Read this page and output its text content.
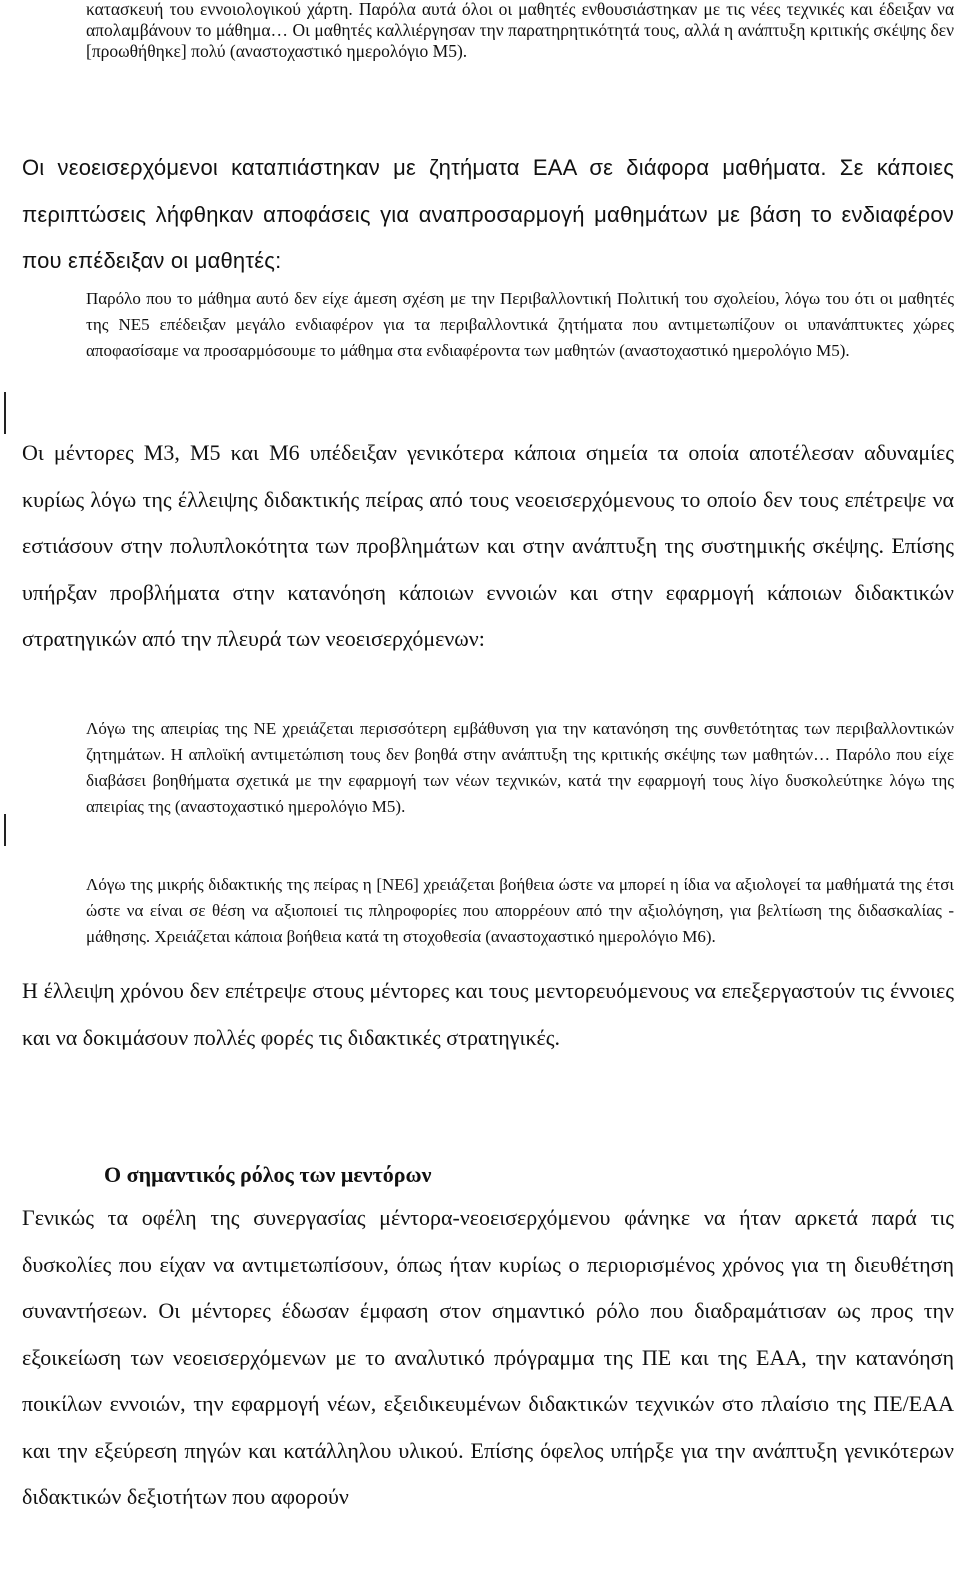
κατασκευή του εννοιολογικού χάρτη. Παρόλα αυτά όλοι οι μαθητές ενθουσιάστηκαν με τις νέες τεχνικές και έδειξαν να απολαμβάνουν το μάθημα… Οι μαθητές καλλιέργησαν την παρατηρητικότητά τους, αλλά η ανάπτυξη κριτικής σκέψης δεν [προωθήθηκε] πολύ (αναστοχαστικό ημερολόγιο Μ5).

Οι νεοεισερχόμενοι καταπιάστηκαν με ζητήματα ΕΑΑ σε διάφορα μαθήματα. Σε κάποιες περιπτώσεις λήφθηκαν αποφάσεις για αναπροσαρμογή μαθημάτων με βάση το ενδιαφέρον που επέδειξαν οι μαθητές:

Παρόλο που το μάθημα αυτό δεν είχε άμεση σχέση με την Περιβαλλοντική Πολιτική του σχολείου, λόγω του ότι οι μαθητές της ΝΕ5 επέδειξαν μεγάλο ενδιαφέρον για τα περιβαλλοντικά ζητήματα που αντιμετωπίζουν οι υπανάπτυκτες χώρες αποφασίσαμε να προσαρμόσουμε το μάθημα στα ενδιαφέροντα των μαθητών (αναστοχαστικό ημερολόγιο Μ5).

Οι μέντορες Μ3, Μ5 και Μ6 υπέδειξαν γενικότερα κάποια σημεία τα οποία αποτέλεσαν αδυναμίες κυρίως λόγω της έλλειψης διδακτικής πείρας από τους νεοεισερχόμενους το οποίο δεν τους επέτρεψε να εστιάσουν στην πολυπλοκότητα των προβλημάτων και στην ανάπτυξη της συστημικής σκέψης. Επίσης υπήρξαν προβλήματα στην κατανόηση κάποιων εννοιών και στην εφαρμογή κάποιων διδακτικών στρατηγικών από την πλευρά των νεοεισερχόμενων:

Λόγω της απειρίας της ΝΕ χρειάζεται περισσότερη εμβάθυνση για την κατανόηση της συνθετότητας των περιβαλλοντικών ζητημάτων. Η απλοϊκή αντιμετώπιση τους δεν βοηθά στην ανάπτυξη της κριτικής σκέψης των μαθητών… Παρόλο που είχε διαβάσει βοηθήματα σχετικά με την εφαρμογή των νέων τεχνικών, κατά την εφαρμογή τους λίγο δυσκολεύτηκε λόγω της απειρίας της (αναστοχαστικό ημερολόγιο Μ5).

Λόγω της μικρής διδακτικής της πείρας η [ΝΕ6] χρειάζεται βοήθεια ώστε να μπορεί η ίδια να αξιολογεί τα μαθήματά της έτσι ώστε να είναι σε θέση να αξιοποιεί τις πληροφορίες που απορρέουν από την αξιολόγηση, για βελτίωση της διδασκαλίας - μάθησης. Χρειάζεται κάποια βοήθεια κατά τη στοχοθεσία (αναστοχαστικό ημερολόγιο Μ6).

Η έλλειψη χρόνου δεν επέτρεψε στους μέντορες και τους μεντορευόμενους να επεξεργαστούν τις έννοιες και να δοκιμάσουν πολλές φορές τις διδακτικές στρατηγικές.

Ο σημαντικός ρόλος των μεντόρων

Γενικώς τα οφέλη της συνεργασίας μέντορα-νεοεισερχόμενου φάνηκε να ήταν αρκετά παρά τις δυσκολίες που είχαν να αντιμετωπίσουν, όπως ήταν κυρίως ο περιορισμένος χρόνος για τη διευθέτηση συναντήσεων. Οι μέντορες έδωσαν έμφαση στον σημαντικό ρόλο που διαδραμάτισαν ως προς την εξοικείωση των νεοεισερχόμενων με το αναλυτικό πρόγραμμα της ΠΕ και της ΕΑΑ, την κατανόηση ποικίλων εννοιών, την εφαρμογή νέων, εξειδικευμένων διδακτικών τεχνικών στο πλαίσιο της ΠΕ/ΕΑΑ και την εξεύρεση πηγών και κατάλληλου υλικού. Επίσης όφελος υπήρξε για την ανάπτυξη γενικότερων διδακτικών δεξιοτήτων που αφορούν
